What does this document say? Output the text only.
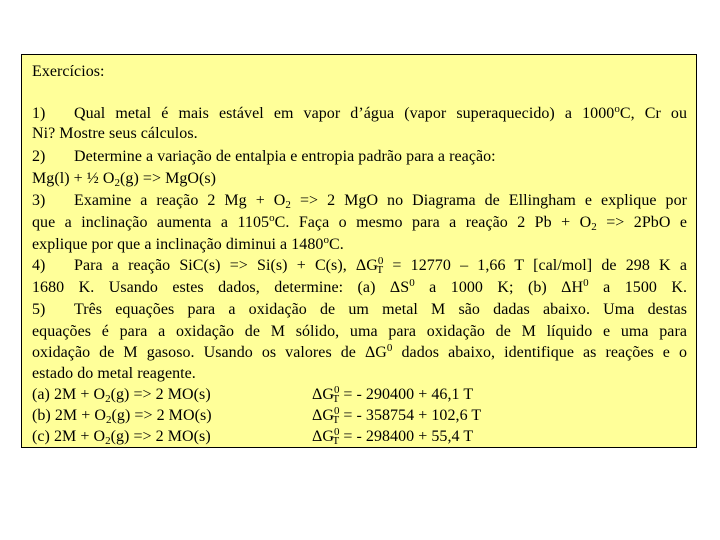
Exercícios:
1) Qual metal é mais estável em vapor d’água (vapor superaquecido) a 1000$^o$C, Cr ou
Ni? Mostre seus cálculos.
2) Determine a variação de entalpia e entropia padrão para a reação:
Mg(l) + ½ $O_2(g) => MgO(s)$
3) Examine a reação 2 $Mg + O_2 => 2$ MgO no Diagrama de Ellingham e explique por
que a inclinação aumenta a 1105$^o$C. Faça o mesmo para a reação 2 $Pb + O_2 => 2PbO$ e
explique por que a inclinação diminui a 1480$^o$C.
4) Para a reação SiC(s) => Si(s) + C(s), $\Delta G^0_T = 12770 - 1,66$ T [cal/mol] de 298 K a
1680 K. Usando estes dados, determine: (a) $\Delta S^0$ a 1000 K; (b) $\Delta H^0$ a 1500 K.
5) Três equações para a oxidação de um metal M são dadas abaixo. Uma destas
equações é para a oxidação de M sólido, uma para oxidação de M líquido e uma para
oxidação de M gasoso. Usando os valores de $\Delta G^0$ dados abaixo, identifique as reações e o
estado do metal reagente.
(a) $2M + O_2(g) => 2$ MO(s)	$\Delta G^0_T$ = - 290400 + 46,1 T
(b) $2M + O_2(g) => 2$ MO(s)	$\Delta G^0_T$ = - 358754 + 102,6 T
(c) $2M + O_2(g) => 2$ MO(s)	$\Delta G^0_T$ = - 298400 + 55,4 T
